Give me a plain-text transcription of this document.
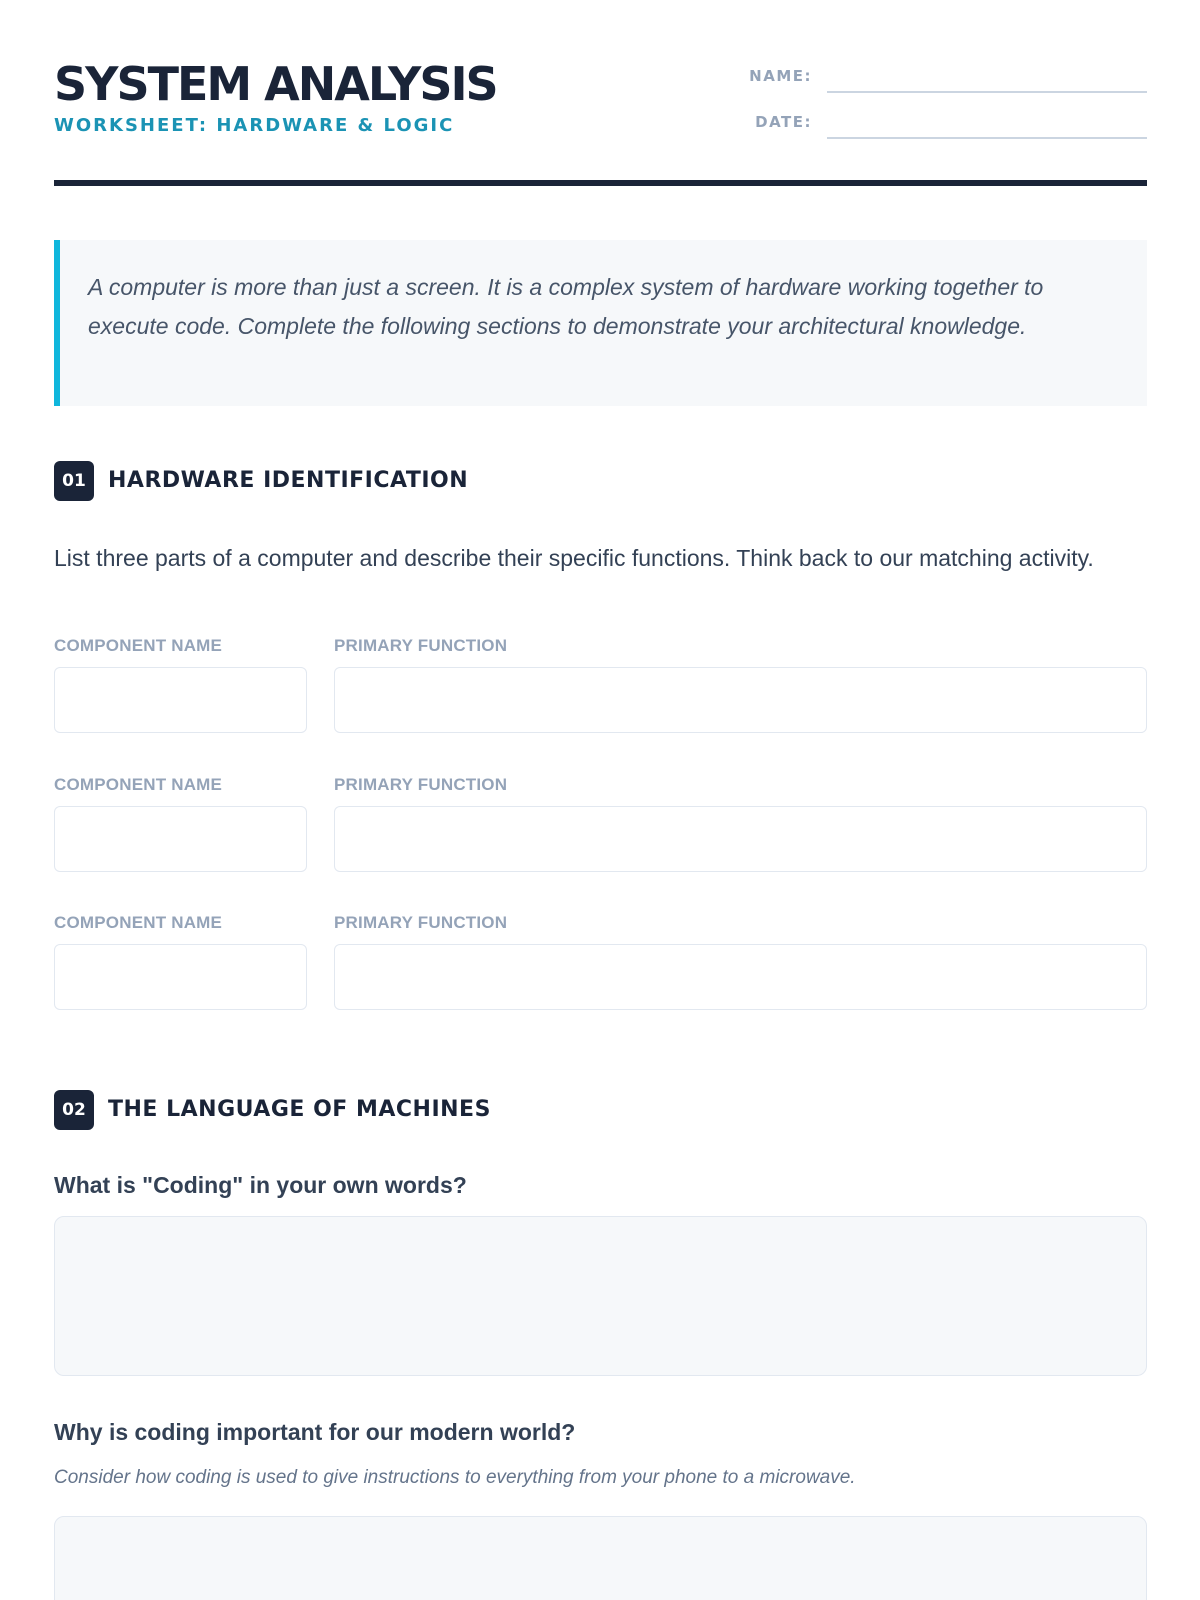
SYSTEM ANALYSIS
WORKSHEET: HARDWARE & LOGIC
NAME:
DATE:

A computer is more than just a screen. It is a complex system of hardware working together to execute code. Complete the following sections to demonstrate your architectural knowledge.

01	HARDWARE IDENTIFICATION
List three parts of a computer and describe their specific functions. Think back to our matching activity.
COMPONENT NAME	PRIMARY FUNCTION
COMPONENT NAME	PRIMARY FUNCTION
COMPONENT NAME	PRIMARY FUNCTION
02	THE LANGUAGE OF MACHINES
What is "Coding" in your own words?
Why is coding important for our modern world?
Consider how coding is used to give instructions to everything from your phone to a microwave.
